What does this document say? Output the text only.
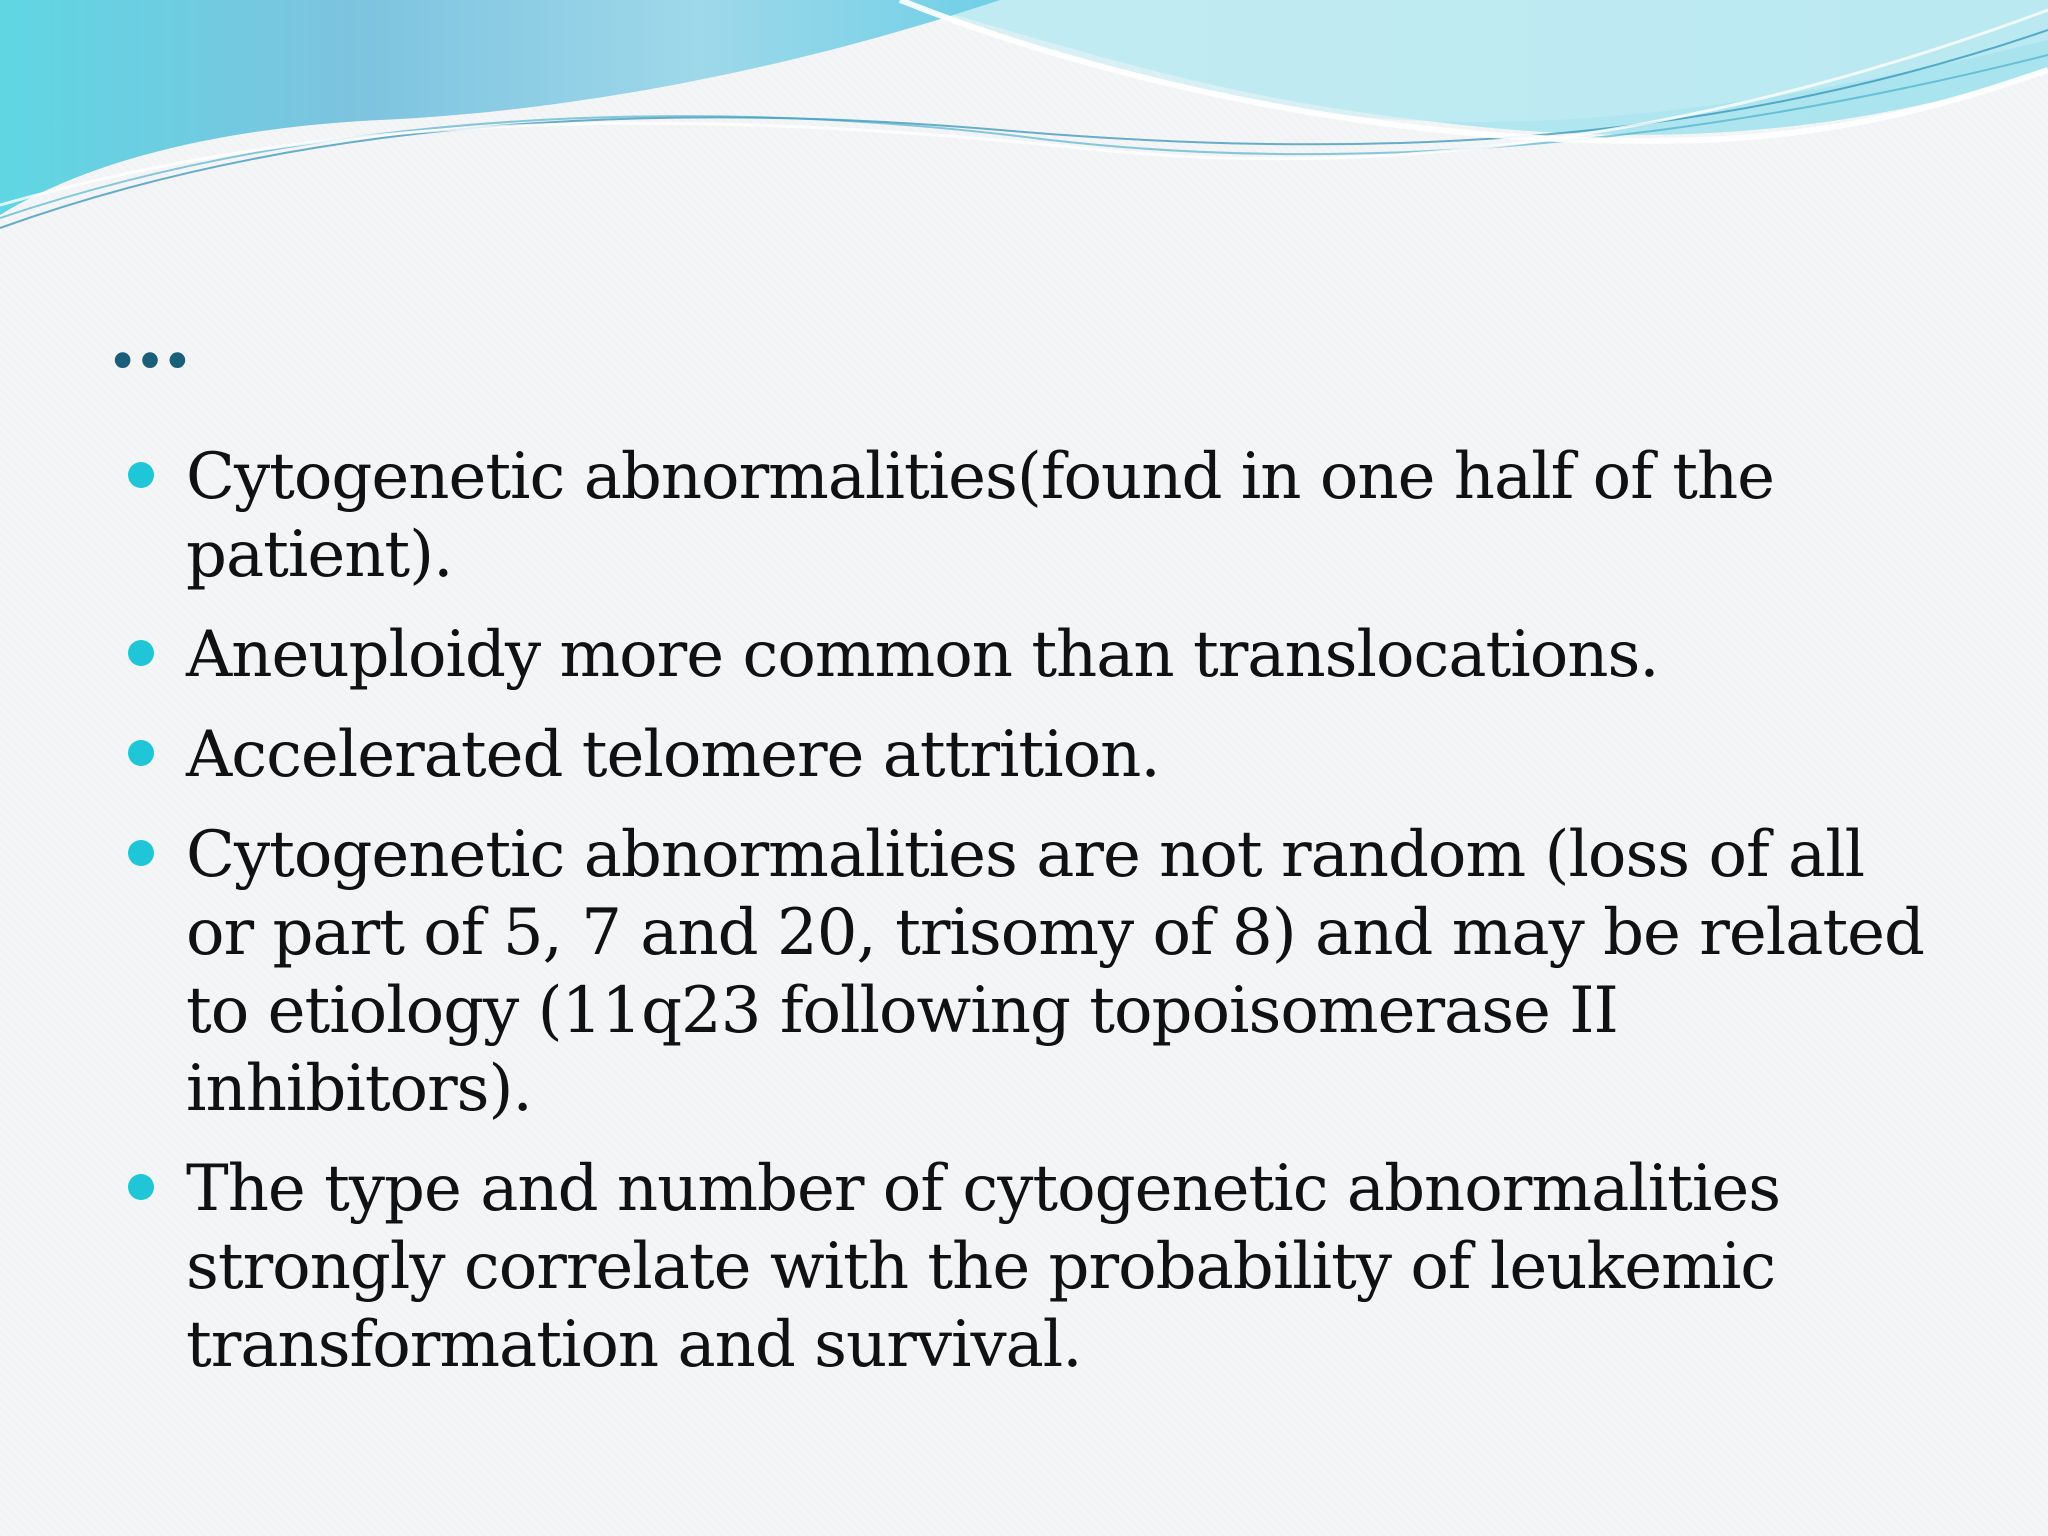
…
Cytogenetic abnormalities(found in one half of the patient).
Aneuploidy more common than translocations.
Accelerated telomere attrition.
Cytogenetic abnormalities are not random (loss of all or part of 5, 7 and 20, trisomy of 8) and may be related to etiology (11q23 following topoisomerase II inhibitors).
The type and number of cytogenetic abnormalities strongly correlate with the probability of leukemic transformation and survival.
